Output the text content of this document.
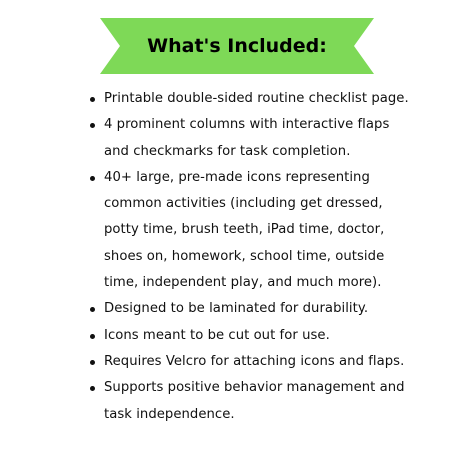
What's Included:
Printable double-sided routine checklist page.
4 prominent columns with interactive flaps and checkmarks for task completion.
40+ large, pre-made icons representing common activities (including get dressed, potty time, brush teeth, iPad time, doctor, shoes on, homework, school time, outside time, independent play, and much more).
Designed to be laminated for durability.
Icons meant to be cut out for use.
Requires Velcro for attaching icons and flaps.
Supports positive behavior management and task independence.
